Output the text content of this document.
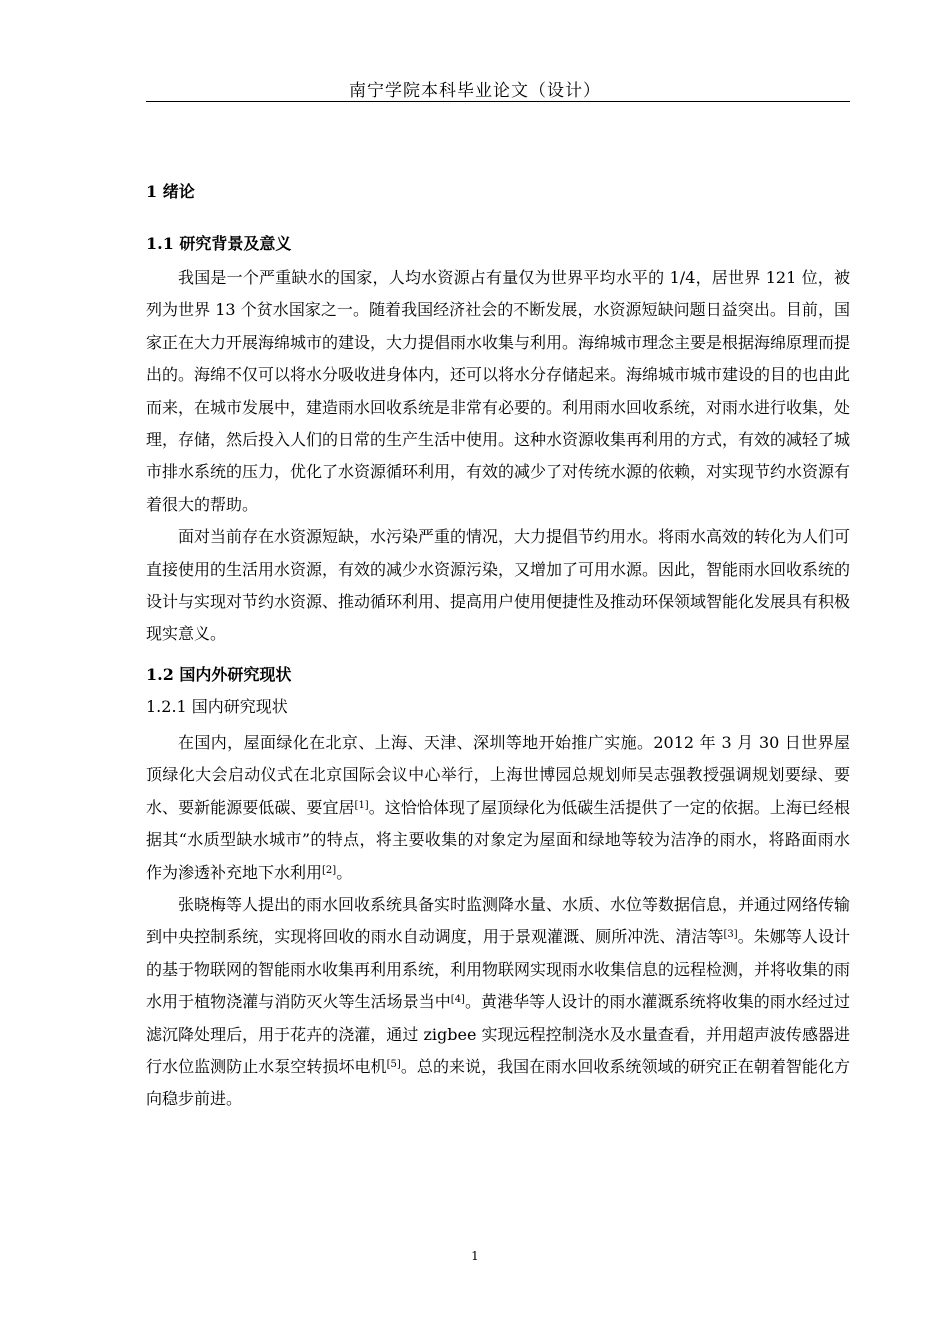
南宁学院本科毕业论文（设计）
1 绪论
1.1 研究背景及意义

我国是一个严重缺水的国家，人均水资源占有量仅为世界平均水平的 1/4，居世界 121 位，被列为世界 13 个贫水国家之一。随着我国经济社会的不断发展，水资源短缺问题日益突出。目前，国家正在大力开展海绵城市的建设，大力提倡雨水收集与利用。海绵城市理念主要是根据海绵原理而提出的。海绵不仅可以将水分吸收进身体内，还可以将水分存储起来。海绵城市城市建设的目的也由此而来，在城市发展中，建造雨水回收系统是非常有必要的。利用雨水回收系统，对雨水进行收集，处理，存储，然后投入人们的日常的生产生活中使用。这种水资源收集再利用的方式，有效的减轻了城市排水系统的压力，优化了水资源循环利用，有效的减少了对传统水源的依赖，对实现节约水资源有着很大的帮助。

面对当前存在水资源短缺，水污染严重的情况，大力提倡节约用水。将雨水高效的转化为人们可直接使用的生活用水资源，有效的减少水资源污染，又增加了可用水源。因此，智能雨水回收系统的设计与实现对节约水资源、推动循环利用、提高用户使用便捷性及推动环保领域智能化发展具有积极现实意义。

1.2 国内外研究现状
1.2.1 国内研究现状

在国内，屋面绿化在北京、上海、天津、深圳等地开始推广实施。2012 年 3 月 30 日世界屋顶绿化大会启动仪式在北京国际会议中心举行，上海世博园总规划师吴志强教授强调规划要绿、要水、要新能源要低碳、要宜居[1]。这恰恰体现了屋顶绿化为低碳生活提供了一定的依据。上海已经根据其“水质型缺水城市”的特点，将主要收集的对象定为屋面和绿地等较为洁净的雨水，将路面雨水作为渗透补充地下水利用[2]。

张晓梅等人提出的雨水回收系统具备实时监测降水量、水质、水位等数据信息，并通过网络传输到中央控制系统，实现将回收的雨水自动调度，用于景观灌溉、厕所冲洗、清洁等[3]。朱娜等人设计的基于物联网的智能雨水收集再利用系统，利用物联网实现雨水收集信息的远程检测，并将收集的雨水用于植物浇灌与消防灭火等生活场景当中[4]。黄港华等人设计的雨水灌溉系统将收集的雨水经过过滤沉降处理后，用于花卉的浇灌，通过 zigbee 实现远程控制浇水及水量查看，并用超声波传感器进行水位监测防止水泵空转损坏电机[5]。总的来说，我国在雨水回收系统领域的研究正在朝着智能化方向稳步前进。

1
